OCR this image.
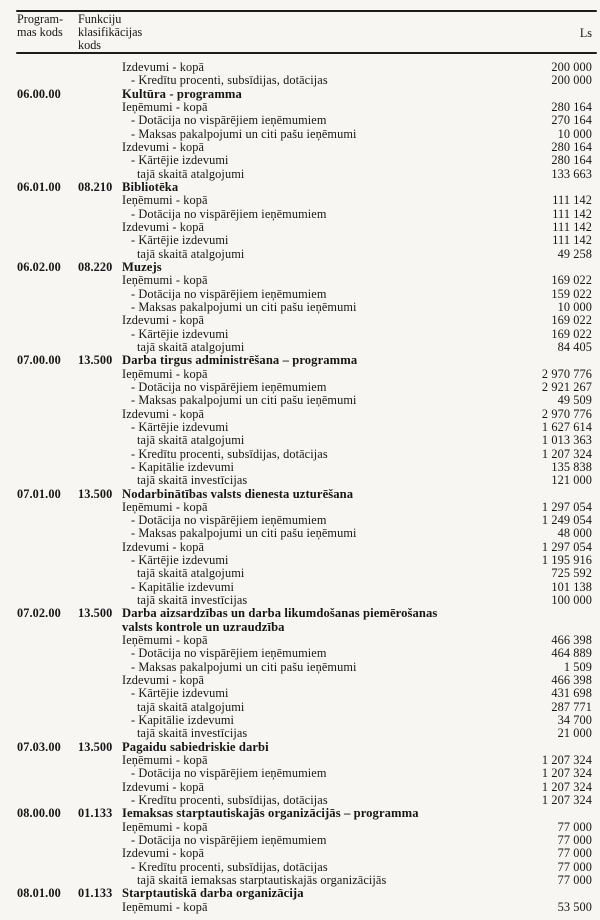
Program-
mas kods
Funkciju
klasifikācijas
kods
Ls
Izdevumi - kopā	200 000
- Kredītu procenti, subsīdijas, dotācijas	200 000
06.00.00	Kultūra - programma
Ieņēmumi - kopā	280 164
- Dotācija no vispārējiem ieņēmumiem	270 164
- Maksas pakalpojumi un citi pašu ieņēmumi	10 000
Izdevumi - kopā	280 164
- Kārtējie izdevumi	280 164
tajā skaitā atalgojumi	133 663
06.01.00 08.210 Bibliotēka
Ieņēmumi - kopā	111 142
- Dotācija no vispārējiem ieņēmumiem	111 142
Izdevumi - kopā	111 142
- Kārtējie izdevumi	111 142
tajā skaitā atalgojumi	49 258
06.02.00 08.220 Muzejs
Ieņēmumi - kopā	169 022
- Dotācija no vispārējiem ieņēmumiem	159 022
- Maksas pakalpojumi un citi pašu ieņēmumi	10 000
Izdevumi - kopā	169 022
- Kārtējie izdevumi	169 022
tajā skaitā atalgojumi	84 405
07.00.00 13.500 Darba tirgus administrēšana – programma
Ieņēmumi - kopā	2 970 776
- Dotācija no vispārējiem ieņēmumiem	2 921 267
- Maksas pakalpojumi un citi pašu ieņēmumi	49 509
Izdevumi - kopā	2 970 776
- Kārtējie izdevumi	1 627 614
tajā skaitā atalgojumi	1 013 363
- Kredītu procenti, subsīdijas, dotācijas	1 207 324
- Kapitālie izdevumi	135 838
tajā skaitā investīcijas	121 000
07.01.00 13.500 Nodarbinātības valsts dienesta uzturēšana
Ieņēmumi - kopā	1 297 054
- Dotācija no vispārējiem ieņēmumiem	1 249 054
- Maksas pakalpojumi un citi pašu ieņēmumi	48 000
Izdevumi - kopā	1 297 054
- Kārtējie izdevumi	1 195 916
tajā skaitā atalgojumi	725 592
- Kapitālie izdevumi	101 138
tajā skaitā investīcijas	100 000
07.02.00 13.500 Darba aizsardzības un darba likumdošanas piemērošanas
valsts kontrole un uzraudzība
Ieņēmumi - kopā	466 398
- Dotācija no vispārējiem ieņēmumiem	464 889
- Maksas pakalpojumi un citi pašu ieņēmumi	1 509
Izdevumi - kopā	466 398
- Kārtējie izdevumi	431 698
tajā skaitā atalgojumi	287 771
- Kapitālie izdevumi	34 700
tajā skaitā investīcijas	21 000
07.03.00 13.500 Pagaidu sabiedriskie darbi
Ieņēmumi - kopā	1 207 324
- Dotācija no vispārējiem ieņēmumiem	1 207 324
Izdevumi - kopā	1 207 324
- Kredītu procenti, subsīdijas, dotācijas	1 207 324
08.00.00 01.133 Iemaksas starptautiskajās organizācijās – programma
Ieņēmumi - kopā	77 000
- Dotācija no vispārējiem ieņēmumiem	77 000
Izdevumi - kopā	77 000
- Kredītu procenti, subsīdijas, dotācijas	77 000
tajā skaitā iemaksas starptautiskajās organizācijās	77 000
08.01.00 01.133 Starptautiskā darba organizācija
Ieņēmumi - kopā	53 500
